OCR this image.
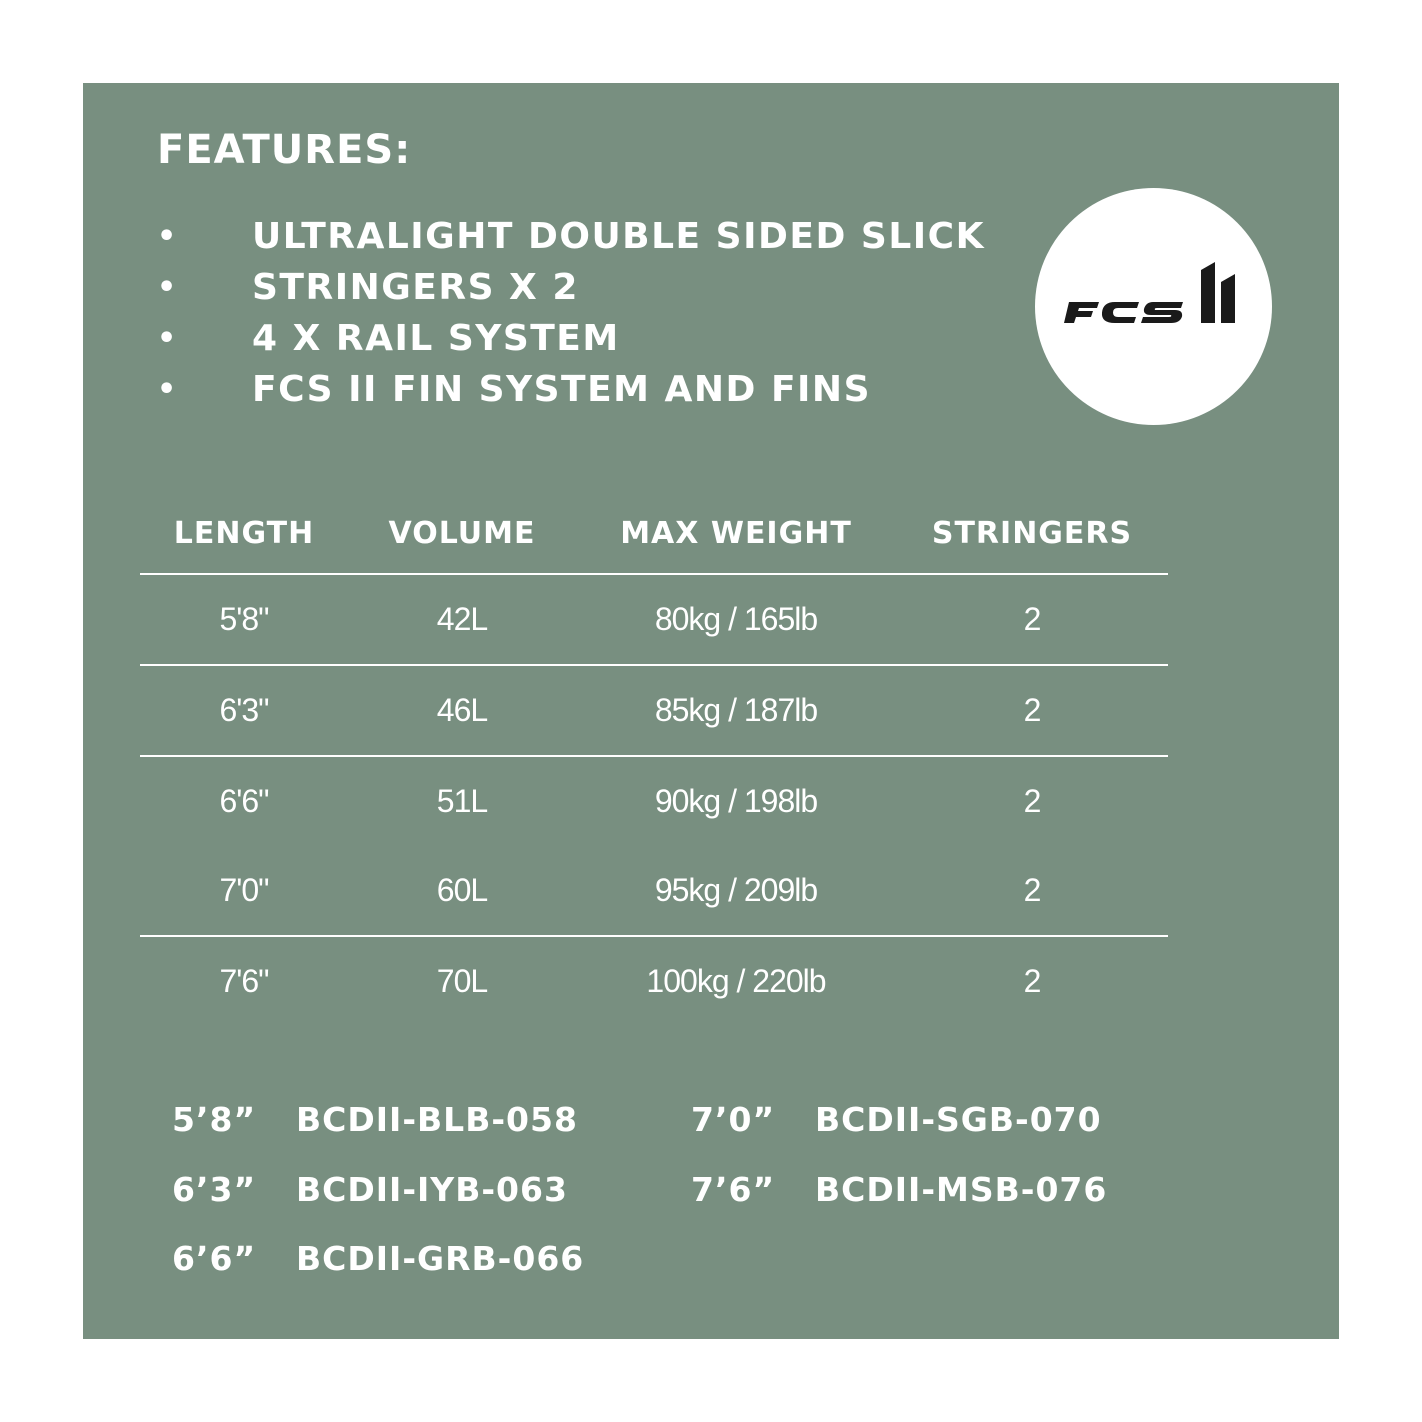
FEATURES:
• ULTRALIGHT DOUBLE SIDED SLICK
• STRINGERS X 2
• 4 X RAIL SYSTEM
• FCS II FIN SYSTEM AND FINS
LENGTH	VOLUME	MAX WEIGHT	STRINGERS
5'8"	42L	80kg / 165lb	2
6'3"	46L	85kg / 187lb	2
6'6"	51L	90kg / 198lb	2
7'0"	60L	95kg / 209lb	2
7'6"	70L	100kg / 220lb	2
5’8” BCDII-BLB-058
6’3” BCDII-IYB-063
6’6” BCDII-GRB-066
7’0” BCDII-SGB-070
7’6” BCDII-MSB-076
